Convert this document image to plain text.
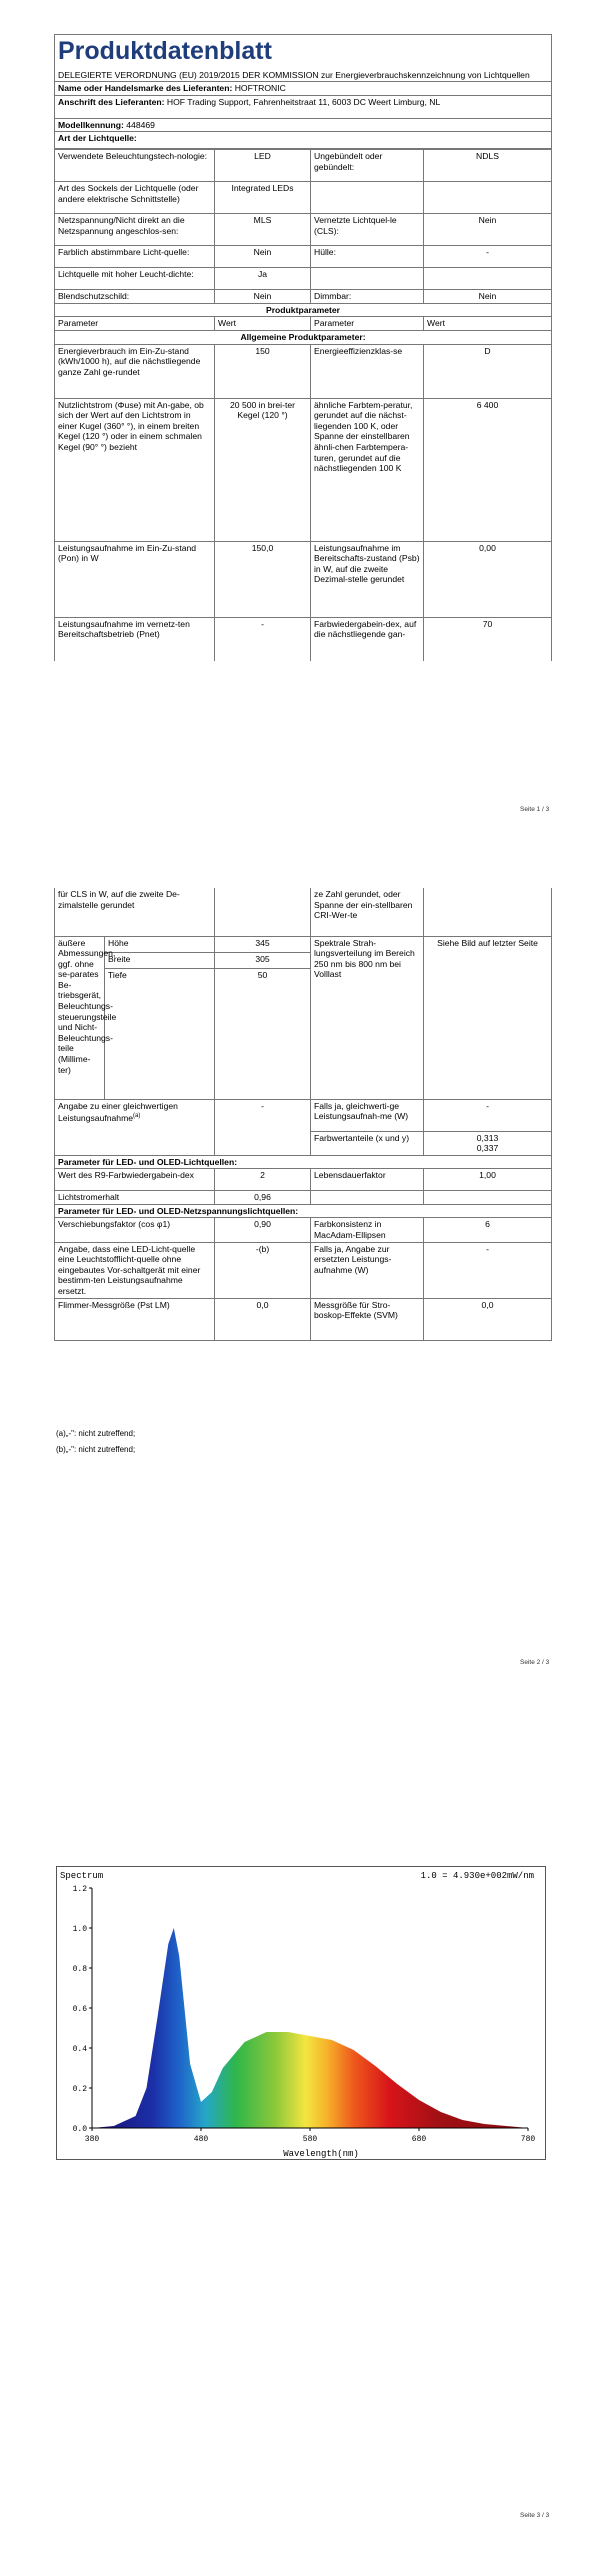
Produktdatenblatt

DELEGIERTE VERORDNUNG (EU) 2019/2015 DER KOMMISSION zur Energieverbrauchskennzeichnung von Lichtquellen			
Name oder Handelsmarke des Lieferanten: HOFTRONIC			
Anschrift des Lieferanten: HOF Trading Support, Fahrenheitstraat 11, 6003 DC Weert Limburg, NL			
Modellkennung: 448469			
Art der Lichtquelle:			

Verwendete Beleuchtungstech-nologie:	LED	Ungebündelt oder gebündelt:	NDLS
Art des Sockels der Lichtquelle (oder andere elektrische Schnittstelle)	Integrated LEDs		
Netzspannung/Nicht direkt an die Netzspannung angeschlos-sen:	MLS	Vernetzte Lichtquel-le (CLS):	Nein
Farblich abstimmbare Licht-quelle:	Nein	Hülle:	-
Lichtquelle mit hoher Leucht-dichte:	Ja		
Blendschutzschild:	Nein	Dimmbar:	Nein
Produktparameter			
Parameter	Wert	Parameter	Wert
Allgemeine Produktparameter:			
Energieverbrauch im Ein-Zu-stand (kWh/1000 h), auf die nächstliegende ganze Zahl ge-rundet	150	Energieeffizienzklas-se	D
Nutzlichtstrom (Φuse) mit An-gabe, ob sich der Wert auf den Lichtstrom in einer Kugel (360° °), in einem breiten Kegel (120 °) oder in einem schmalen Kegel (90° °) bezieht	20 500 in brei-ter Kegel (120 °)	ähnliche Farbtem-peratur, gerundet auf die nächst-liegenden 100 K, oder Spanne der einstellbaren ähnli-chen Farbtempera-turen, gerundet auf die nächstliegenden 100 K	6 400
Leistungsaufnahme im Ein-Zu-stand (Pon) in W	150,0	Leistungsaufnahme im Bereitschafts-zustand (Psb) in W, auf die zweite Dezimal-stelle gerundet	0,00
Leistungsaufnahme im vernetz-ten Bereitschaftsbetrieb (Pnet)	-	Farbwiedergabein-dex, auf die nächstliegende gan-	70
Seite 1 / 3
für CLS in W, auf die zweite De-zimalstelle gerundet			ze Zahl gerundet, oder Spanne der ein-stellbaren CRI-Wer-te	
äußere Abmessungen, ggf. ohne se-parates Be-triebsgerät, Beleuchtungs-steuerungsteile und Nicht-Beleuchtungs-teile (Millime-ter)	Höhe	345	Spektrale Strah-lungsverteilung im Bereich 250 nm bis 800 nm bei Volllast	Siehe Bild auf letzter Seite
	Breite	305		
	Tiefe	50		
Angabe zu einer gleichwertigen Leistungsaufnahme$^{(a)}$		-	Falls ja, gleichwerti-ge Leistungsaufnah-me (W)	-
			Farbwertanteile (x und y)	0,313
0,337

Parameter für LED- und OLED-Lichtquellen:				
Wert des R9-Farbwiedergabein-dex		2	Lebensdauerfaktor	1,00
Lichtstromerhalt		0,96		
Parameter für LED- und OLED-Netzspannungslichtquellen:				
Verschiebungsfaktor (cos φ1)		0,90	Farbkonsistenz in MacAdam-Ellipsen	6
Angabe, dass eine LED-Licht-quelle eine Leuchtstofflicht-quelle ohne eingebautes Vor-schaltgerät mit einer bestimm-ten Leistungsaufnahme ersetzt.		-(b)	Falls ja, Angabe zur ersetzten Leistungs-aufnahme (W)	-
Flimmer-Messgröße (Pst LM)		0,0	Messgröße für Stro-boskop-Effekte (SVM)	0,0
(a)„-": nicht zutreffend;
(b)„-": nicht zutreffend;
Seite 2 / 3
Spectrum	1.0 = 4.930e+002mW/nm
0.0
0.2
0.4
0.6
0.8
1.0
1.2
380	480	580	680	780
Wavelength(nm)
Seite 3 / 3
